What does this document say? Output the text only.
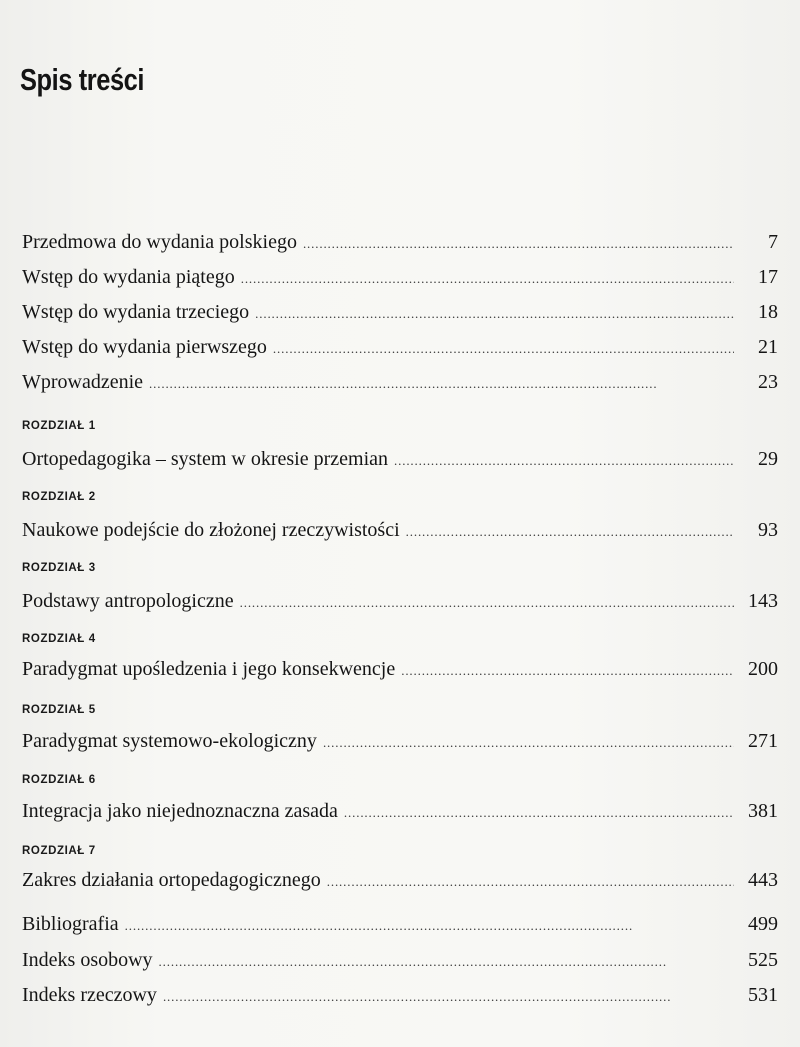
Spis treści
Przedmowa do wydania polskiego . . .	7
Wstęp do wydania piątego . . .	17
Wstęp do wydania trzeciego . . .	18
Wstęp do wydania pierwszego . . .	21
Wprowadzenie . . .	23
ROZDZIAŁ 1
Ortopedagogika – system w okresie przemian . . .	29
ROZDZIAŁ 2
Naukowe podejście do złożonej rzeczywistości . . .	93
ROZDZIAŁ 3
Podstawy antropologiczne . . .	143
ROZDZIAŁ 4
Paradygmat upośledzenia i jego konsekwencje . . .	200
ROZDZIAŁ 5
Paradygmat systemowo-ekologiczny . . .	271
ROZDZIAŁ 6
Integracja jako niejednoznaczna zasada . . .	381
ROZDZIAŁ 7
Zakres działania ortopedagogicznego . . .	443
Bibliografia . . .	499
Indeks osobowy . . .	525
Indeks rzeczowy . . .	531
